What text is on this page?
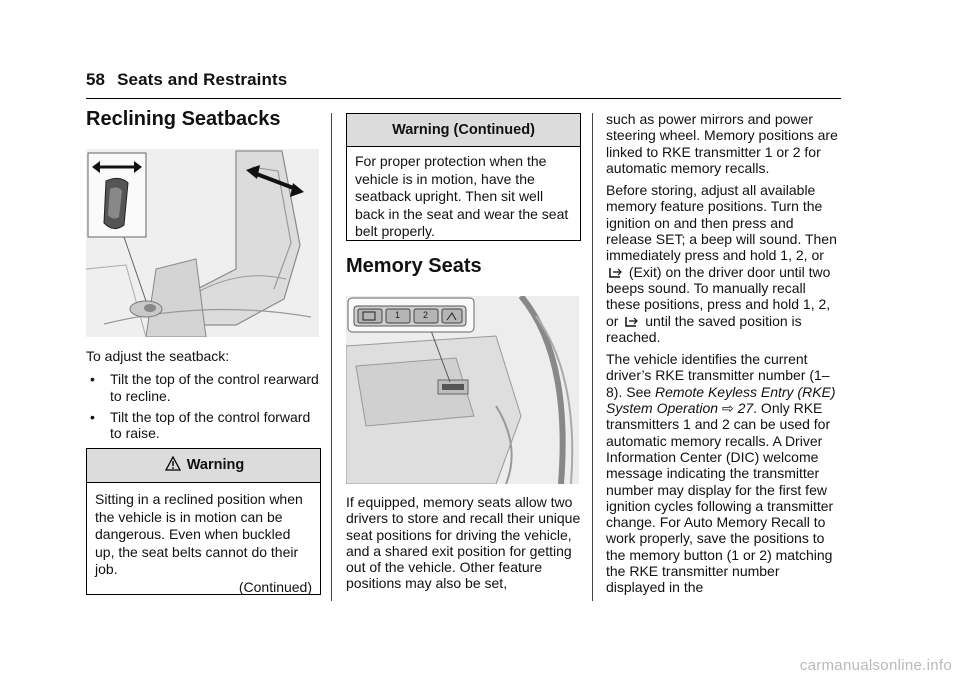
58 Seats and Restraints
Reclining Seatbacks

To adjust the seatback:

•	Tilt the top of the control rearward to recline.
•	Tilt the top of the control forward to raise.
Warning
Sitting in a reclined position when the vehicle is in motion can be dangerous. Even when buckled up, the seat belts cannot do their job.
(Continued)
Warning (Continued)
For proper protection when the vehicle is in motion, have the seatback upright. Then sit well back in the seat and wear the seat belt properly.
Memory Seats
1	2

If equipped, memory seats allow two drivers to store and recall their unique seat positions for driving the vehicle, and a shared exit position for getting out of the vehicle. Other feature positions may also be set,

such as power mirrors and power steering wheel. Memory positions are linked to RKE transmitter 1 or 2 for automatic memory recalls.

Before storing, adjust all available memory feature positions. Turn the ignition on and then press and release SET; a beep will sound. Then immediately press and hold 1, 2, or  (Exit) on the driver door until two beeps sound. To manually recall these positions, press and hold 1, 2, or until the saved position is reached.

The vehicle identifies the current driver’s RKE transmitter number (1–8). See Remote Keyless Entry (RKE) System Operation ⇨ 27. Only RKE transmitters 1 and 2 can be used for automatic memory recalls. A Driver Information Center (DIC) welcome message indicating the transmitter number may display for the first few ignition cycles following a transmitter change. For Auto Memory Recall to work properly, save the positions to the memory button (1 or 2) matching the RKE transmitter number displayed in the

carmanualsonline.info
